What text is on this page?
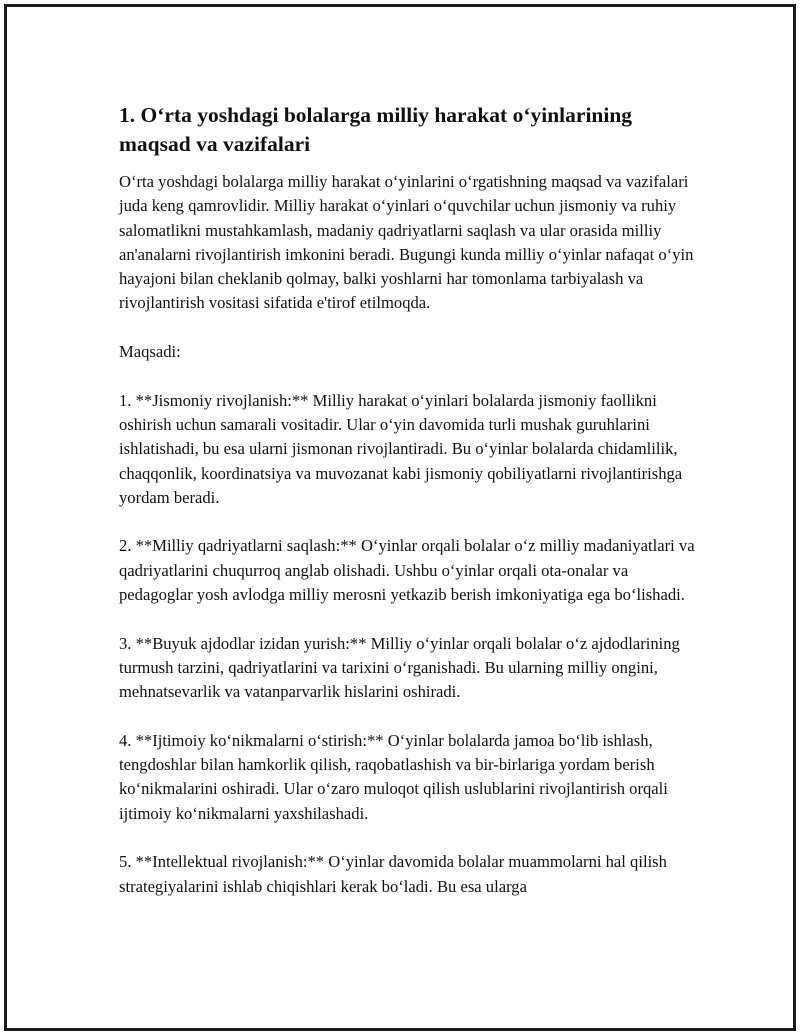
1. Oʻrta yoshdagi bolalarga milliy harakat oʻyinlarining maqsad va vazifalari

Oʻrta yoshdagi bolalarga milliy harakat oʻyinlarini oʻrgatishning maqsad va vazifalari juda keng qamrovlidir. Milliy harakat oʻyinlari oʻquvchilar uchun jismoniy va ruhiy salomatlikni mustahkamlash, madaniy qadriyatlarni saqlash va ular orasida milliy an'analarni rivojlantirish imkonini beradi. Bugungi kunda milliy oʻyinlar nafaqat oʻyin hayajoni bilan cheklanib qolmay, balki yoshlarni har tomonlama tarbiyalash va rivojlantirish vositasi sifatida e'tirof etilmoqda.

Maqsadi:

1. **Jismoniy rivojlanish:** Milliy harakat oʻyinlari bolalarda jismoniy faollikni oshirish uchun samarali vositadir. Ular oʻyin davomida turli mushak guruhlarini ishlatishadi, bu esa ularni jismonan rivojlantiradi. Bu oʻyinlar bolalarda chidamlilik, chaqqonlik, koordinatsiya va muvozanat kabi jismoniy qobiliyatlarni rivojlantirishga yordam beradi.

2. **Milliy qadriyatlarni saqlash:** Oʻyinlar orqali bolalar oʻz milliy madaniyatlari va qadriyatlarini chuqurroq anglab olishadi. Ushbu oʻyinlar orqali ota-onalar va pedagoglar yosh avlodga milliy merosni yetkazib berish imkoniyatiga ega boʻlishadi.

3. **Buyuk ajdodlar izidan yurish:** Milliy oʻyinlar orqali bolalar oʻz ajdodlarining turmush tarzini, qadriyatlarini va tarixini oʻrganishadi. Bu ularning milliy ongini, mehnatsevarlik va vatanparvarlik hislarini oshiradi.

4. **Ijtimoiy koʻnikmalarni oʻstirish:** Oʻyinlar bolalarda jamoa boʻlib ishlash, tengdoshlar bilan hamkorlik qilish, raqobatlashish va bir-birlariga yordam berish koʻnikmalarini oshiradi. Ular oʻzaro muloqot qilish uslublarini rivojlantirish orqali ijtimoiy koʻnikmalarni yaxshilashadi.

5. **Intellektual rivojlanish:** Oʻyinlar davomida bolalar muammolarni hal qilish strategiyalarini ishlab chiqishlari kerak boʻladi. Bu esa ularga
